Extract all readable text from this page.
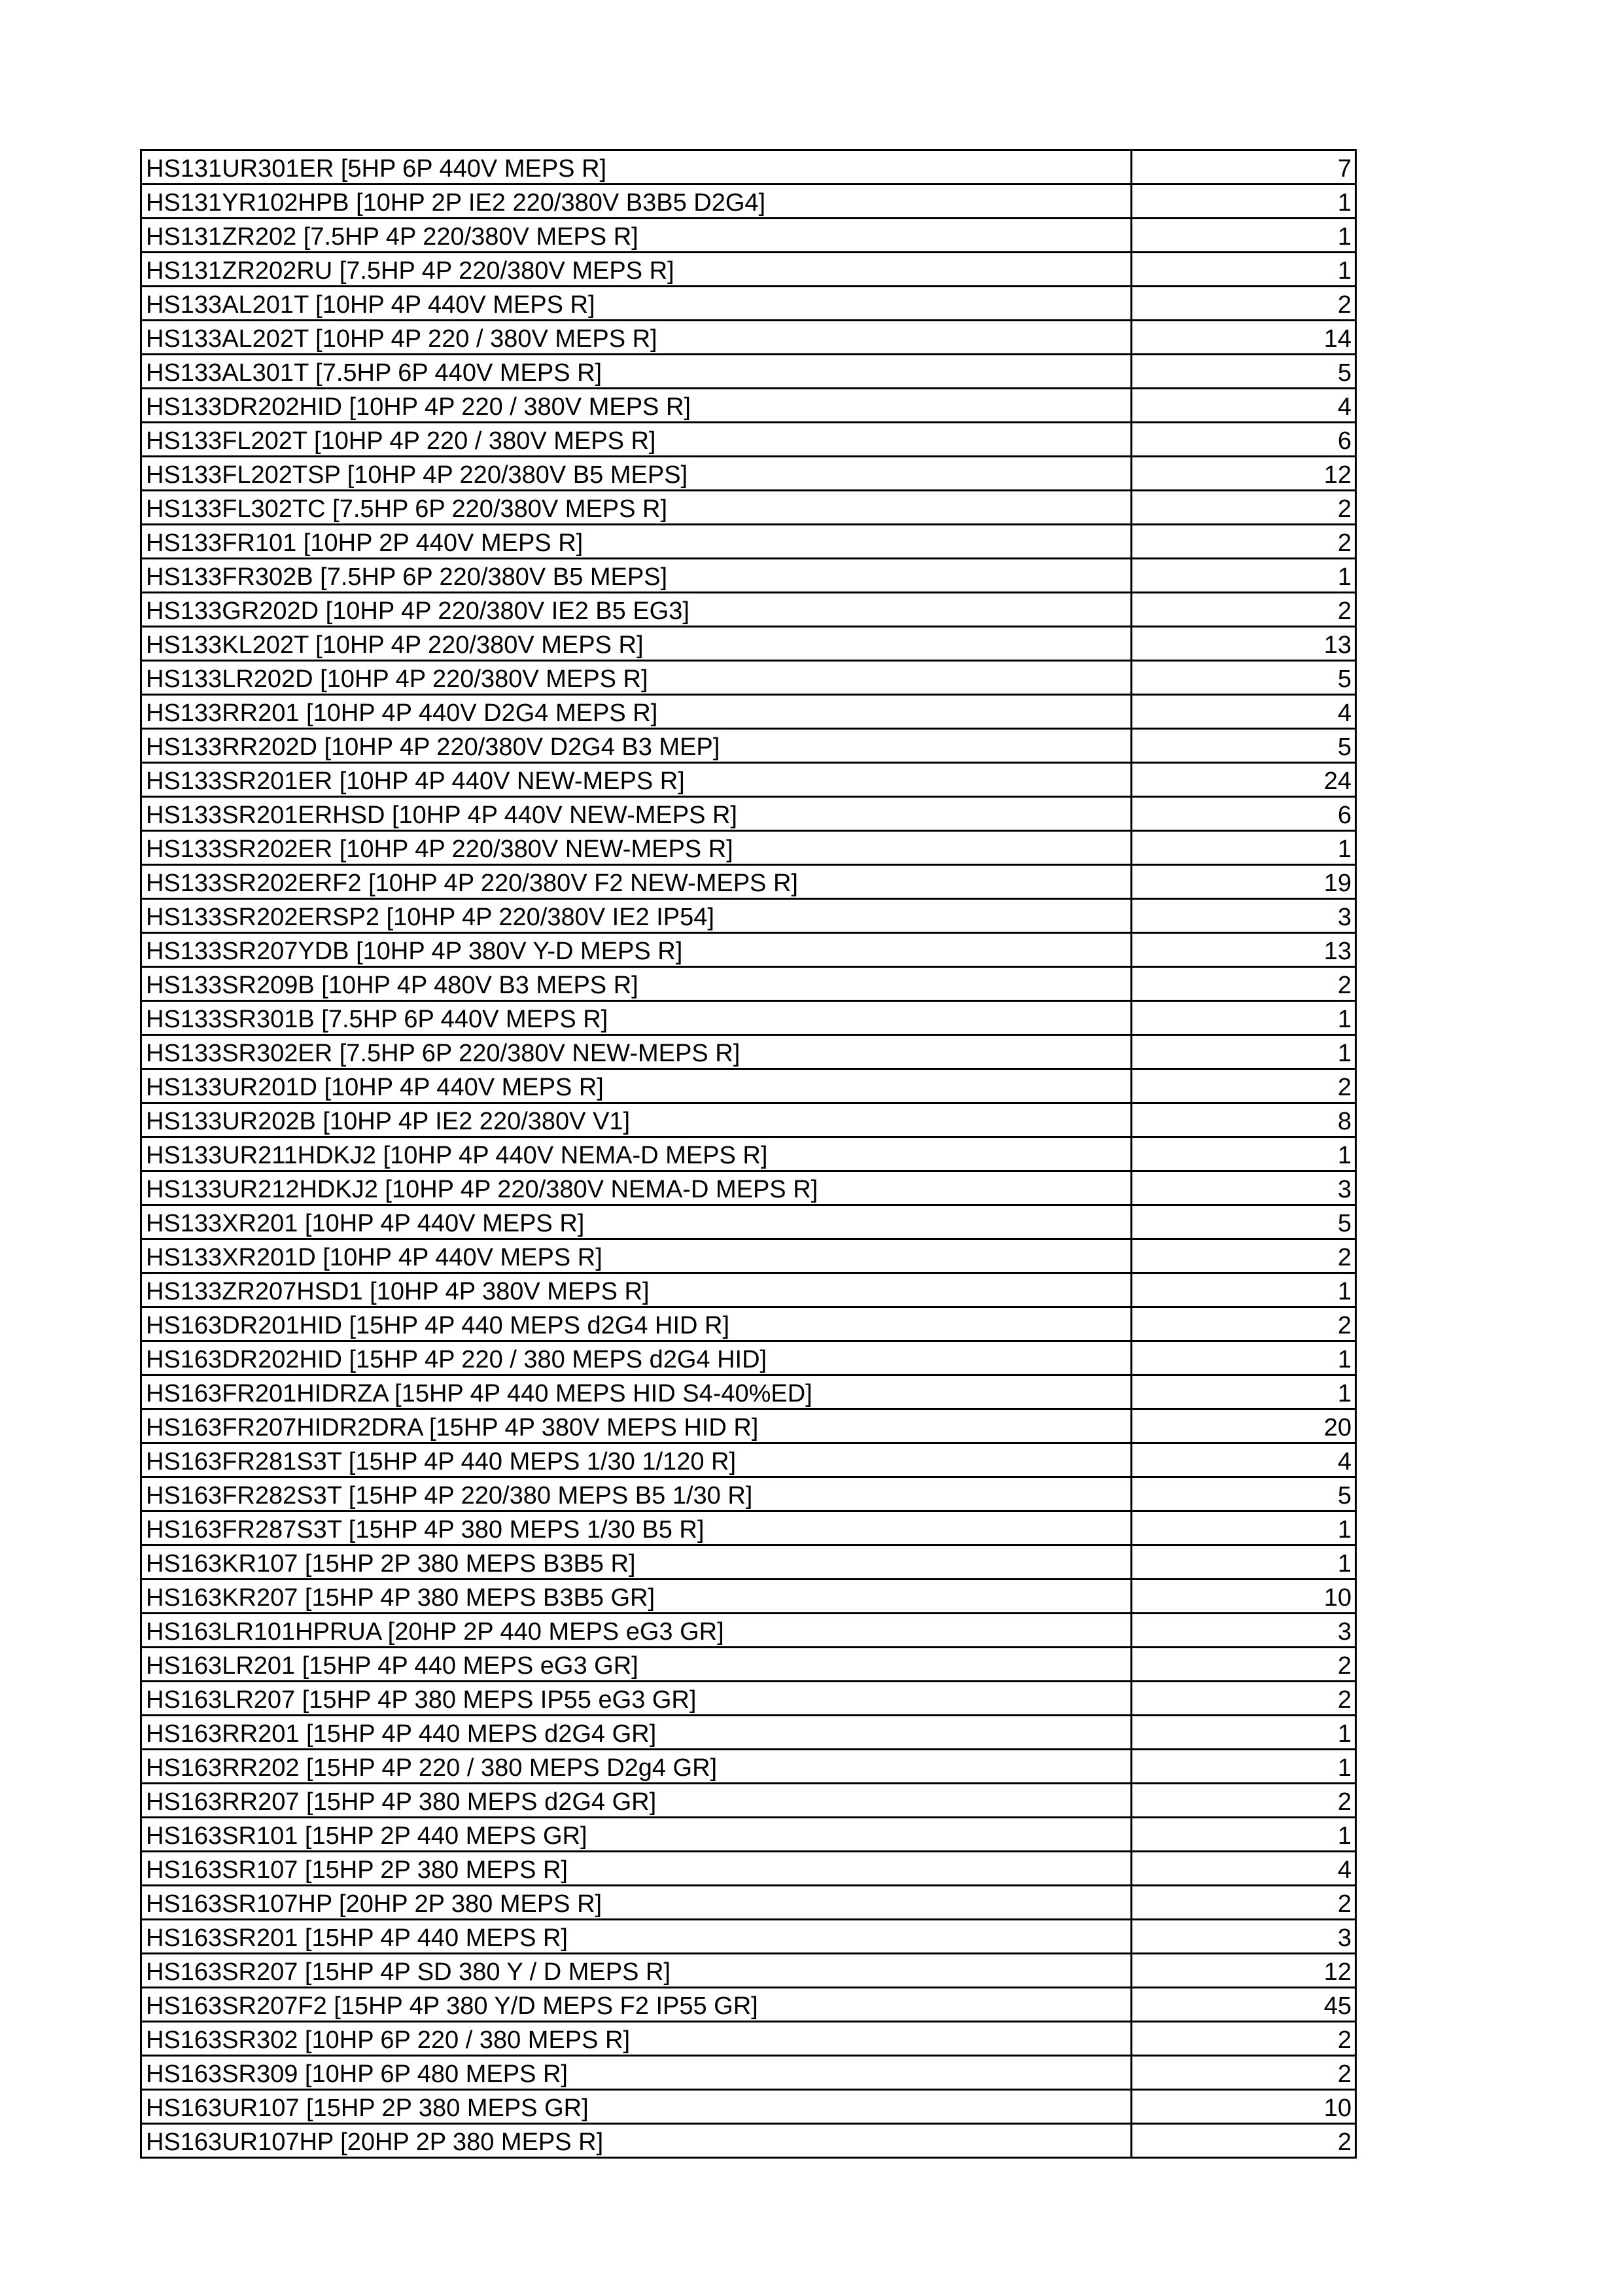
HS131UR301ER [5HP 6P 440V MEPS R]	7
HS131YR102HPB [10HP 2P IE2 220/380V B3B5 D2G4]	1
HS131ZR202 [7.5HP 4P 220/380V MEPS R]	1
HS131ZR202RU [7.5HP 4P 220/380V MEPS R]	1
HS133AL201T [10HP 4P 440V MEPS R]	2
HS133AL202T [10HP 4P 220 / 380V MEPS R]	14
HS133AL301T [7.5HP 6P 440V MEPS R]	5
HS133DR202HID [10HP 4P 220 / 380V MEPS R]	4
HS133FL202T [10HP 4P 220 / 380V MEPS R]	6
HS133FL202TSP [10HP 4P 220/380V B5 MEPS]	12
HS133FL302TC [7.5HP 6P 220/380V MEPS R]	2
HS133FR101 [10HP 2P 440V MEPS R]	2
HS133FR302B [7.5HP 6P 220/380V B5 MEPS]	1
HS133GR202D [10HP 4P 220/380V IE2 B5 EG3]	2
HS133KL202T [10HP 4P 220/380V MEPS R]	13
HS133LR202D [10HP 4P 220/380V MEPS R]	5
HS133RR201 [10HP 4P 440V D2G4 MEPS R]	4
HS133RR202D [10HP 4P 220/380V D2G4 B3 MEP]	5
HS133SR201ER [10HP 4P 440V NEW-MEPS R]	24
HS133SR201ERHSD [10HP 4P 440V NEW-MEPS R]	6
HS133SR202ER [10HP 4P 220/380V NEW-MEPS R]	1
HS133SR202ERF2 [10HP 4P 220/380V F2 NEW-MEPS R]	19
HS133SR202ERSP2 [10HP 4P 220/380V IE2 IP54]	3
HS133SR207YDB [10HP 4P 380V Y-D MEPS R]	13
HS133SR209B [10HP 4P 480V B3 MEPS R]	2
HS133SR301B [7.5HP 6P 440V MEPS R]	1
HS133SR302ER [7.5HP 6P 220/380V NEW-MEPS R]	1
HS133UR201D [10HP 4P 440V MEPS R]	2
HS133UR202B [10HP 4P IE2 220/380V V1]	8
HS133UR211HDKJ2 [10HP 4P 440V NEMA-D MEPS R]	1
HS133UR212HDKJ2 [10HP 4P 220/380V NEMA-D MEPS R]	3
HS133XR201 [10HP 4P 440V MEPS R]	5
HS133XR201D [10HP 4P 440V MEPS R]	2
HS133ZR207HSD1 [10HP 4P 380V MEPS R]	1
HS163DR201HID [15HP 4P 440 MEPS d2G4 HID R]	2
HS163DR202HID [15HP 4P 220 / 380 MEPS d2G4 HID]	1
HS163FR201HIDRZA [15HP 4P 440 MEPS HID S4-40%ED]	1
HS163FR207HIDR2DRA [15HP 4P 380V MEPS HID R]	20
HS163FR281S3T [15HP 4P 440 MEPS 1/30 1/120 R]	4
HS163FR282S3T [15HP 4P 220/380 MEPS B5 1/30 R]	5
HS163FR287S3T [15HP 4P 380 MEPS 1/30 B5 R]	1
HS163KR107 [15HP 2P 380 MEPS B3B5 R]	1
HS163KR207 [15HP 4P 380 MEPS B3B5 GR]	10
HS163LR101HPRUA [20HP 2P 440 MEPS eG3 GR]	3
HS163LR201 [15HP 4P 440 MEPS eG3 GR]	2
HS163LR207 [15HP 4P 380 MEPS IP55 eG3 GR]	2
HS163RR201 [15HP 4P 440 MEPS d2G4 GR]	1
HS163RR202 [15HP 4P 220 / 380 MEPS D2g4 GR]	1
HS163RR207 [15HP 4P 380 MEPS d2G4 GR]	2
HS163SR101 [15HP 2P 440 MEPS GR]	1
HS163SR107 [15HP 2P 380 MEPS R]	4
HS163SR107HP [20HP 2P 380 MEPS R]	2
HS163SR201 [15HP 4P 440 MEPS R]	3
HS163SR207 [15HP 4P SD 380 Y / D MEPS R]	12
HS163SR207F2 [15HP 4P 380 Y/D MEPS F2 IP55 GR]	45
HS163SR302 [10HP 6P 220 / 380 MEPS R]	2
HS163SR309 [10HP 6P 480 MEPS R]	2
HS163UR107 [15HP 2P 380 MEPS GR]	10
HS163UR107HP [20HP 2P 380 MEPS R]	2
